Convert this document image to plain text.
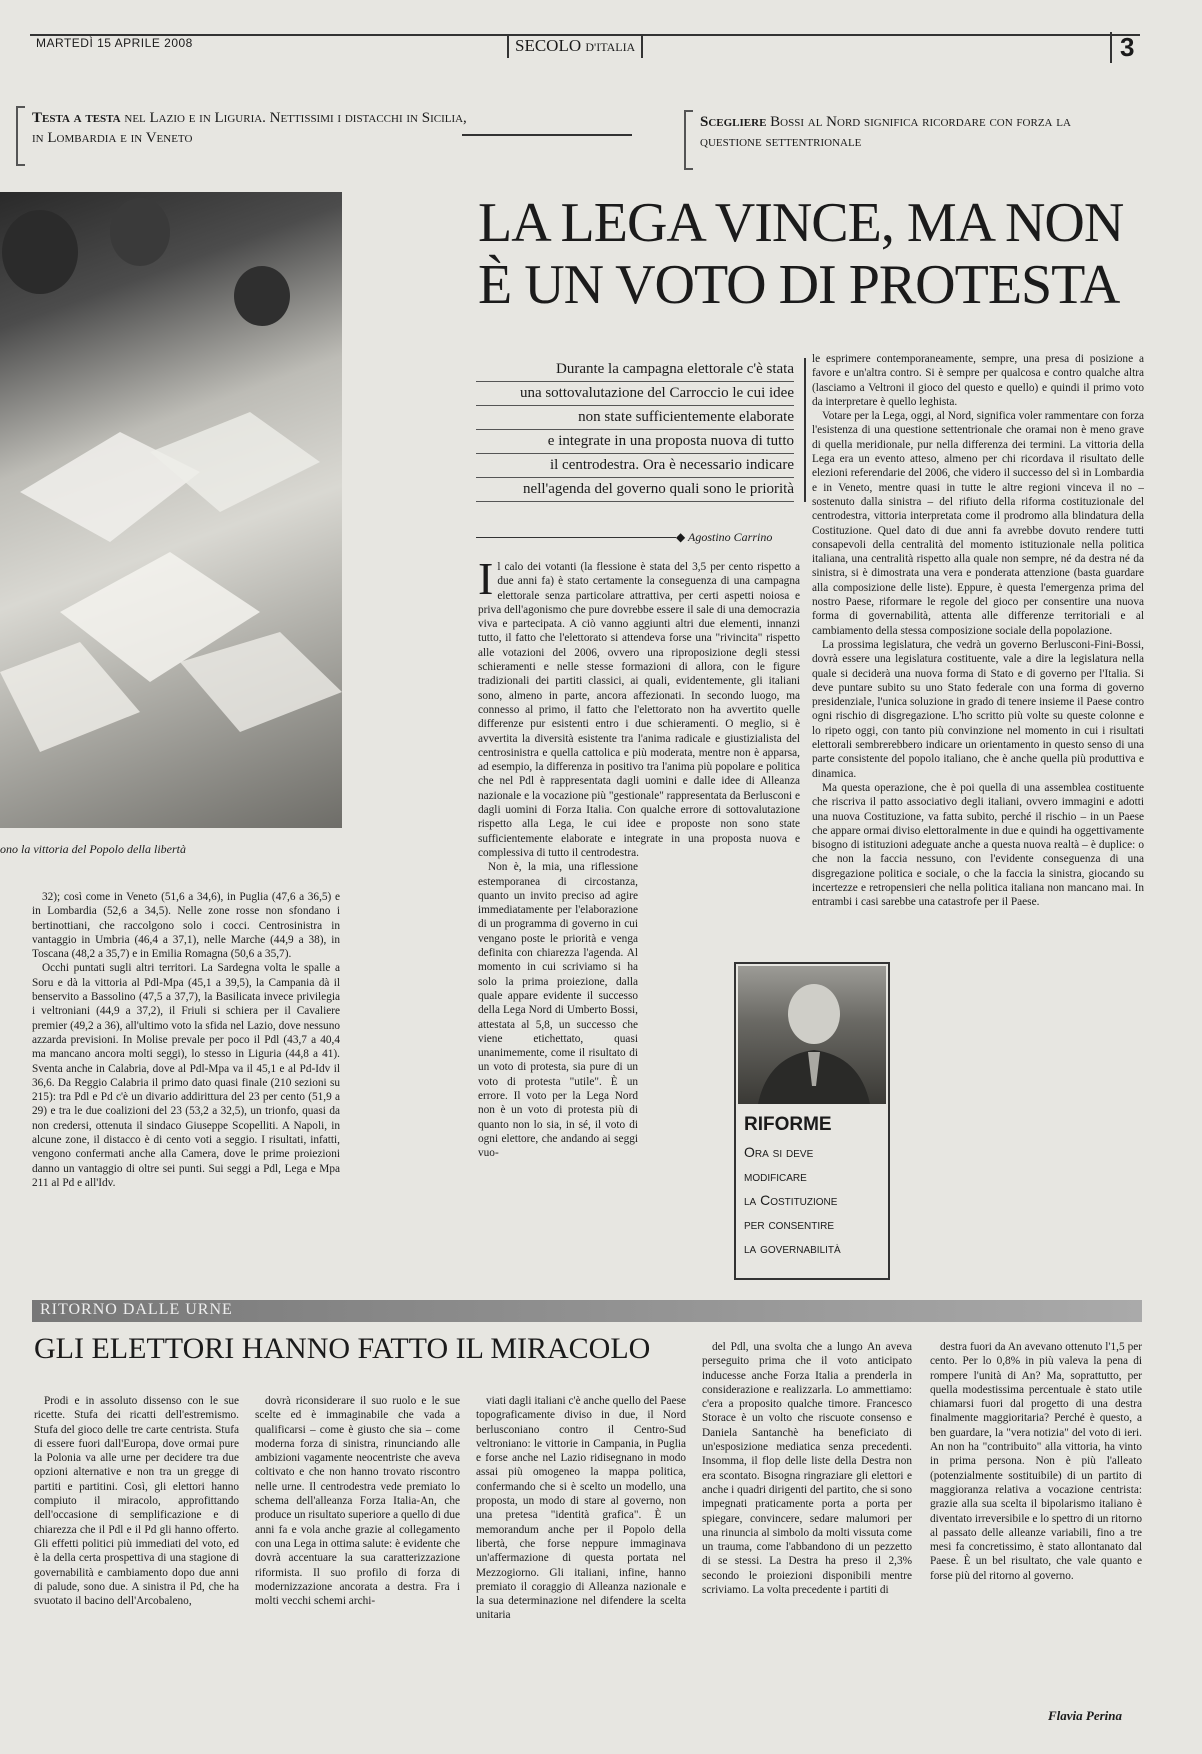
MARTEDÌ 15 APRILE 2008	SECOLO D'ITALIA	3
Testa a testa nel Lazio e in Liguria. Nettissimi i distacchi in Sicilia, in Lombardia e in Veneto
Scegliere Bossi al Nord significa ricordare con forza la questione settentrionale
ono la vittoria del Popolo della libertà
LA LEGA VINCE, MA NON È UN VOTO DI PROTESTA
Durante la campagna elettorale c'è stata
una sottovalutazione del Carroccio le cui idee
non state sufficientemente elaborate
e integrate in una proposta nuova di tutto
il centrodestra. Ora è necessario indicare
nell'agenda del governo quali sono le priorità
◆ Agostino Carrino

32); così come in Veneto (51,6 a 34,6), in Puglia (47,6 a 36,5) e in Lombardia (52,6 a 34,5). Nelle zone rosse non sfondano i bertinottiani, che raccolgono solo i cocci. Centrosinistra in vantaggio in Umbria (46,4 a 37,1), nelle Marche (44,9 a 38), in Toscana (48,2 a 35,7) e in Emilia Romagna (50,6 a 35,7).

Occhi puntati sugli altri territori. La Sardegna volta le spalle a Soru e dà la vittoria al Pdl-Mpa (45,1 a 39,5), la Campania dà il benservito a Bassolino (47,5 a 37,7), la Basilicata invece privilegia i veltroniani (44,9 a 37,2), il Friuli si schiera per il Cavaliere premier (49,2 a 36), all'ultimo voto la sfida nel Lazio, dove nessuno azzarda previsioni. In Molise prevale per poco il Pdl (43,7 a 40,4 ma mancano ancora molti seggi), lo stesso in Liguria (44,8 a 41). Sventa anche in Calabria, dove al Pdl-Mpa va il 45,1 e al Pd-Idv il 36,6. Da Reggio Calabria il primo dato quasi finale (210 sezioni su 215): tra Pdl e Pd c'è un divario addirittura del 23 per cento (51,9 a 29) e tra le due coalizioni del 23 (53,2 a 32,5), un trionfo, quasi da non credersi, ottenuta il sindaco Giuseppe Scopelliti. A Napoli, in alcune zone, il distacco è di cento voti a seggio. I risultati, infatti, vengono confermati anche alla Camera, dove le prime proiezioni danno un vantaggio di oltre sei punti. Sui seggi a Pdl, Lega e Mpa 211 al Pd e all'Idv.

I l calo dei votanti (la flessione è stata del 3,5 per cento rispetto a due anni fa) è stato certamente la conseguenza di una campagna elettorale senza particolare attrattiva, per certi aspetti noiosa e priva dell'agonismo che pure dovrebbe essere il sale di una democrazia viva e partecipata. A ciò vanno aggiunti altri due elementi, innanzi tutto, il fatto che l'elettorato si attendeva forse una "rivincita" rispetto alle votazioni del 2006, ovvero una riproposizione degli stessi schieramenti e nelle stesse formazioni di allora, con le figure tradizionali dei partiti classici, ai quali, evidentemente, gli italiani sono, almeno in parte, ancora affezionati. In secondo luogo, ma connesso al primo, il fatto che l'elettorato non ha avvertito quelle differenze pur esistenti entro i due schieramenti. O meglio, si è avvertita la diversità esistente tra l'anima radicale e giustizialista del centrosinistra e quella cattolica e più moderata, mentre non è apparsa, ad esempio, la differenza in positivo tra l'anima più popolare e politica che nel Pdl è rappresentata dagli uomini e dalle idee di Alleanza nazionale e la vocazione più "gestionale" rappresentata da Berlusconi e dagli uomini di Forza Italia. Con qualche errore di sottovalutazione rispetto alla Lega, le cui idee e proposte non sono state sufficientemente elaborate e integrate in una proposta nuova e complessiva di tutto il centrodestra.

Non è, la mia, una riflessione estemporanea di circostanza, quanto un invito preciso ad agire immediatamente per l'elaborazione di un programma di governo in cui vengano poste le priorità e venga definita con chiarezza l'agenda. Al momento in cui scriviamo si ha solo la prima proiezione, dalla quale appare evidente il successo della Lega Nord di Umberto Bossi, attestata al 5,8, un successo che viene etichettato, quasi unanimemente, come il risultato di un voto di protesta, sia pure di un voto di protesta "utile". È un errore. Il voto per la Lega Nord non è un voto di protesta più di quanto non lo sia, in sé, il voto di ogni elettore, che andando ai seggi vuo-

le esprimere contemporaneamente, sempre, una presa di posizione a favore e un'altra contro. Si è sempre per qualcosa e contro qualche altra (lasciamo a Veltroni il gioco del questo e quello) e quindi il primo voto da interpretare è quello leghista.

Votare per la Lega, oggi, al Nord, significa voler rammentare con forza l'esistenza di una questione settentrionale che oramai non è meno grave di quella meridionale, pur nella differenza dei termini. La vittoria della Lega era un evento atteso, almeno per chi ricordava il risultato delle elezioni referendarie del 2006, che videro il successo del sì in Lombardia e in Veneto, mentre quasi in tutte le altre regioni vinceva il no – sostenuto dalla sinistra – del rifiuto della riforma costituzionale del centrodestra, vittoria interpretata come il prodromo alla blindatura della Costituzione. Quel dato di due anni fa avrebbe dovuto rendere tutti consapevoli della centralità del momento istituzionale nella politica italiana, una centralità rispetto alla quale non sempre, né da destra né da sinistra, si è dimostrata una vera e ponderata attenzione (basta guardare alla composizione delle liste). Eppure, è questa l'emergenza prima del nostro Paese, riformare le regole del gioco per consentire una nuova forma di governabilità, attenta alle differenze territoriali e al cambiamento della stessa composizione sociale della popolazione.

La prossima legislatura, che vedrà un governo Berlusconi-Fini-Bossi, dovrà essere una legislatura costituente, vale a dire la legislatura nella quale si deciderà una nuova forma di Stato e di governo per l'Italia. Si deve puntare subito su uno Stato federale con una forma di governo presidenziale, l'unica soluzione in grado di tenere insieme il Paese contro ogni rischio di disgregazione. L'ho scritto più volte su queste colonne e lo ripeto oggi, con tanto più convinzione nel momento in cui i risultati elettorali sembrerebbero indicare un orientamento in questo senso di una parte consistente del popolo italiano, che è anche quella più produttiva e dinamica.

Ma questa operazione, che è poi quella di una assemblea costituente che riscriva il patto associativo degli italiani, ovvero immagini e adotti una nuova Costituzione, va fatta subito, perché il rischio – in un Paese che appare ormai diviso elettoralmente in due e quindi ha oggettivamente bisogno di istituzioni adeguate anche a questa nuova realtà – è duplice: o che non la faccia nessuno, con l'evidente conseguenza di una disgregazione politica e sociale, o che la faccia la sinistra, giocando su incertezze e retropensieri che nella politica italiana non mancano mai. In entrambi i casi sarebbe una catastrofe per il Paese.

RIFORME
Ora si deve
modificare
la Costituzione
per consentire
la governabilità
RITORNO DALLE URNE
GLI ELETTORI HANNO FATTO IL MIRACOLO

Prodi e in assoluto dissenso con le sue ricette. Stufa dei ricatti dell'estremismo. Stufa del gioco delle tre carte centrista. Stufa di essere fuori dall'Europa, dove ormai pure la Polonia va alle urne per decidere tra due opzioni alternative e non tra un gregge di partiti e partitini. Così, gli elettori hanno compiuto il miracolo, approfittando dell'occasione di semplificazione e di chiarezza che il Pdl e il Pd gli hanno offerto. Gli effetti politici più immediati del voto, ed è la della certa prospettiva di una stagione di governabilità e cambiamento dopo due anni di palude, sono due. A sinistra il Pd, che ha svuotato il bacino dell'Arcobaleno,

dovrà riconsiderare il suo ruolo e le sue scelte ed è immaginabile che vada a qualificarsi – come è giusto che sia – come moderna forza di sinistra, rinunciando alle ambizioni vagamente neocentriste che aveva coltivato e che non hanno trovato riscontro nelle urne. Il centrodestra vede premiato lo schema dell'alleanza Forza Italia-An, che produce un risultato superiore a quello di due anni fa e vola anche grazie al collegamento con una Lega in ottima salute: è evidente che dovrà accentuare la sua caratterizzazione riformista. Il suo profilo di forza di modernizzazione ancorata a destra. Fra i molti vecchi schemi archi-

viati dagli italiani c'è anche quello del Paese topograficamente diviso in due, il Nord berlusconiano contro il Centro-Sud veltroniano: le vittorie in Campania, in Puglia e forse anche nel Lazio ridisegnano in modo assai più omogeneo la mappa politica, confermando che si è scelto un modello, una proposta, un modo di stare al governo, non una pretesa "identità grafica". È un memorandum anche per il Popolo della libertà, che forse neppure immaginava un'affermazione di questa portata nel Mezzogiorno. Gli italiani, infine, hanno premiato il coraggio di Alleanza nazionale e la sua determinazione nel difendere la scelta unitaria

del Pdl, una svolta che a lungo An aveva perseguito prima che il voto anticipato inducesse anche Forza Italia a prenderla in considerazione e realizzarla. Lo ammettiamo: c'era a proposito qualche timore. Francesco Storace è un volto che riscuote consenso e Daniela Santanchè ha beneficiato di un'esposizione mediatica senza precedenti. Insomma, il flop delle liste della Destra non era scontato. Bisogna ringraziare gli elettori e anche i quadri dirigenti del partito, che si sono impegnati praticamente porta a porta per spiegare, convincere, sedare malumori per una rinuncia al simbolo da molti vissuta come un trauma, come l'abbandono di un pezzetto di se stessi. La Destra ha preso il 2,3% secondo le proiezioni disponibili mentre scriviamo. La volta precedente i partiti di

destra fuori da An avevano ottenuto l'1,5 per cento. Per lo 0,8% in più valeva la pena di rompere l'unità di An? Ma, soprattutto, per quella modestissima percentuale è stato utile chiamarsi fuori dal progetto di una destra finalmente maggioritaria? Perché è questo, a ben guardare, la "vera notizia" del voto di ieri. An non ha "contribuito" alla vittoria, ha vinto in prima persona. Non è più l'alleato (potenzialmente sostituibile) di un partito di maggioranza relativa a vocazione centrista: grazie alla sua scelta il bipolarismo italiano è diventato irreversibile e lo spettro di un ritorno al passato delle alleanze variabili, fino a tre mesi fa concretissimo, è stato allontanato dal Paese. È un bel risultato, che vale quanto e forse più del ritorno al governo.

Flavia Perina
